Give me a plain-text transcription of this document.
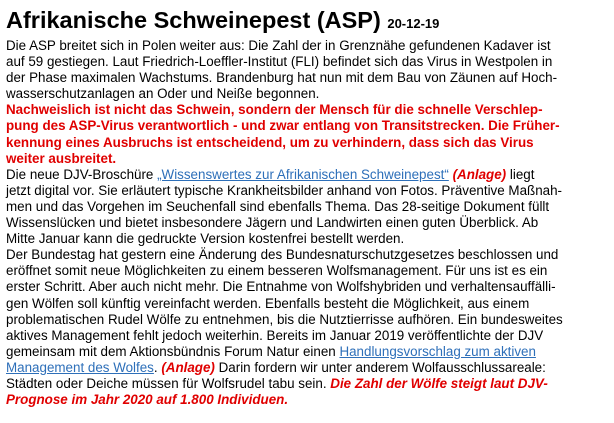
Afrikanische Schweinepest (ASP) 20-12-19
Die ASP breitet sich in Polen weiter aus: Die Zahl der in Grenznähe gefundenen Kadaver ist
auf 59 gestiegen. Laut Friedrich-Loeffler-Institut (FLI) befindet sich das Virus in Westpolen in
der Phase maximalen Wachstums. Brandenburg hat nun mit dem Bau von Zäunen auf Hoch-
wasserschutzanlagen an Oder und Neiße begonnen.
Nachweislich ist nicht das Schwein, sondern der Mensch für die schnelle Verschlep-
pung des ASP-Virus verantwortlich - und zwar entlang von Transitstrecken. Die Früher-
kennung eines Ausbruchs ist entscheidend, um zu verhindern, dass sich das Virus
weiter ausbreitet.
Die neue DJV-Broschüre „Wissenswertes zur Afrikanischen Schweinepest“ (Anlage) liegt
jetzt digital vor. Sie erläutert typische Krankheitsbilder anhand von Fotos. Präventive Maßnah-
men und das Vorgehen im Seuchenfall sind ebenfalls Thema. Das 28-seitige Dokument füllt
Wissenslücken und bietet insbesondere Jägern und Landwirten einen guten Überblick. Ab
Mitte Januar kann die gedruckte Version kostenfrei bestellt werden.
Der Bundestag hat gestern eine Änderung des Bundesnaturschutzgesetzes beschlossen und
eröffnet somit neue Möglichkeiten zu einem besseren Wolfsmanagement. Für uns ist es ein
erster Schritt. Aber auch nicht mehr. Die Entnahme von Wolfshybriden und verhaltensauffälli-
gen Wölfen soll künftig vereinfacht werden. Ebenfalls besteht die Möglichkeit, aus einem
problematischen Rudel Wölfe zu entnehmen, bis die Nutztierrisse aufhören. Ein bundesweites
aktives Management fehlt jedoch weiterhin. Bereits im Januar 2019 veröffentlichte der DJV
gemeinsam mit dem Aktionsbündnis Forum Natur einen Handlungsvorschlag zum aktiven
Management des Wolfes. (Anlage) Darin fordern wir unter anderem Wolfausschlussareale:
Städten oder Deiche müssen für Wolfsrudel tabu sein. Die Zahl der Wölfe steigt laut DJV-
Prognose im Jahr 2020 auf 1.800 Individuen.
